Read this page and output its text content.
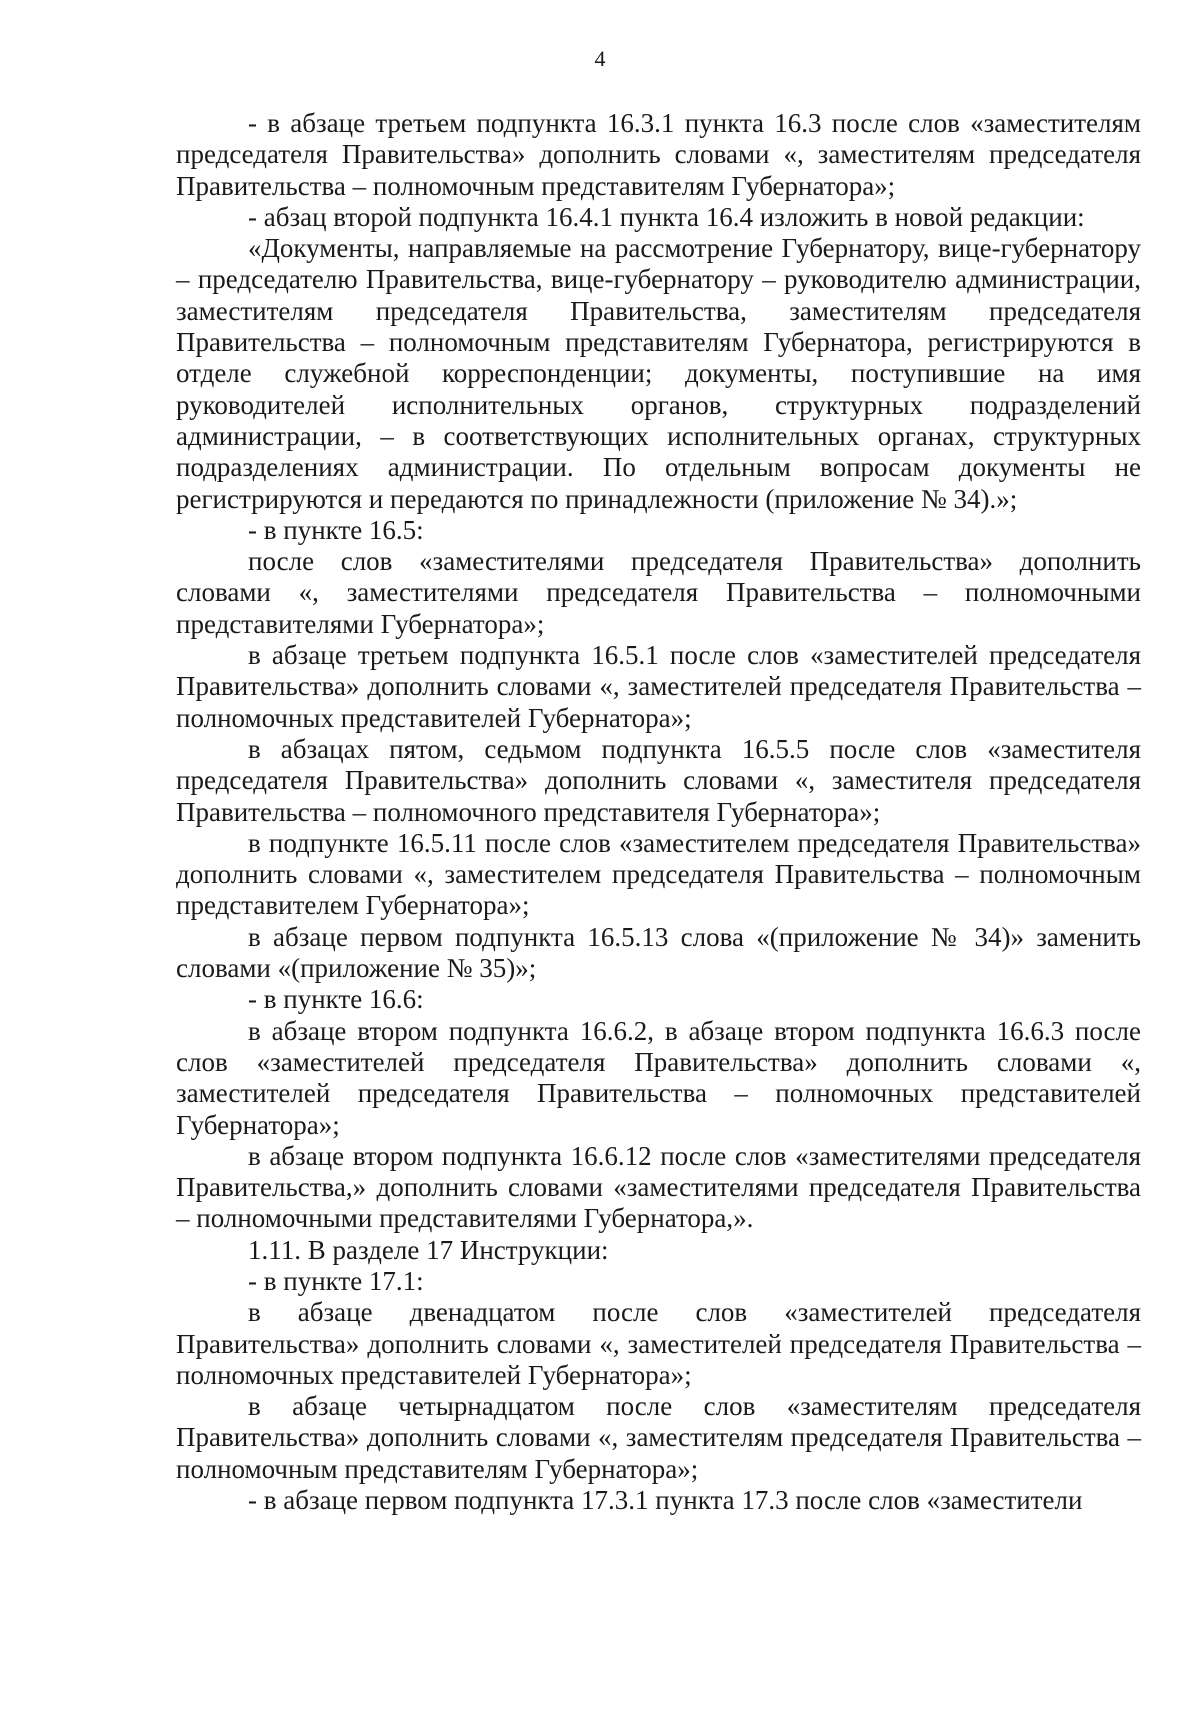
4

- в абзаце третьем подпункта 16.3.1 пункта 16.3 после слов «заместителям председателя Правительства» дополнить словами «, заместителям председателя Правительства – полномочным представителям Губернатора»;

- абзац второй подпункта 16.4.1 пункта 16.4 изложить в новой редакции:

«Документы, направляемые на рассмотрение Губернатору, вице-губернатору – председателю Правительства, вице-губернатору – руководителю администрации, заместителям председателя Правительства, заместителям председателя Правительства – полномочным представителям Губернатора, регистрируются в отделе служебной корреспонденции; документы, поступившие на имя руководителей исполнительных органов, структурных подразделений администрации, – в соответствующих исполнительных органах, структурных подразделениях администрации. По отдельным вопросам документы не регистрируются и передаются по принадлежности (приложение № 34).»;

- в пункте 16.5:

после слов «заместителями председателя Правительства» дополнить словами «, заместителями председателя Правительства – полномочными представителями Губернатора»;

в абзаце третьем подпункта 16.5.1 после слов «заместителей председателя Правительства» дополнить словами «, заместителей председателя Правительства – полномочных представителей Губернатора»;

в абзацах пятом, седьмом подпункта 16.5.5 после слов «заместителя председателя Правительства» дополнить словами «, заместителя председателя Правительства – полномочного представителя Губернатора»;

в подпункте 16.5.11 после слов «заместителем председателя Правительства» дополнить словами «, заместителем председателя Правительства – полномочным представителем Губернатора»;

в абзаце первом подпункта 16.5.13 слова «(приложение № 34)» заменить словами «(приложение № 35)»;

- в пункте 16.6:

в абзаце втором подпункта 16.6.2, в абзаце втором подпункта 16.6.3 после слов «заместителей председателя Правительства» дополнить словами «, заместителей председателя Правительства – полномочных представителей Губернатора»;

в абзаце втором подпункта 16.6.12 после слов «заместителями председателя Правительства,» дополнить словами «заместителями председателя Правительства – полномочными представителями Губернатора,».

1.11. В разделе 17 Инструкции:

- в пункте 17.1:

в абзаце двенадцатом после слов «заместителей председателя Правительства» дополнить словами «, заместителей председателя Правительства – полномочных представителей Губернатора»;

в абзаце четырнадцатом после слов «заместителям председателя Правительства» дополнить словами «, заместителям председателя Правительства – полномочным представителям Губернатора»;

- в абзаце первом подпункта 17.3.1 пункта 17.3 после слов «заместители
